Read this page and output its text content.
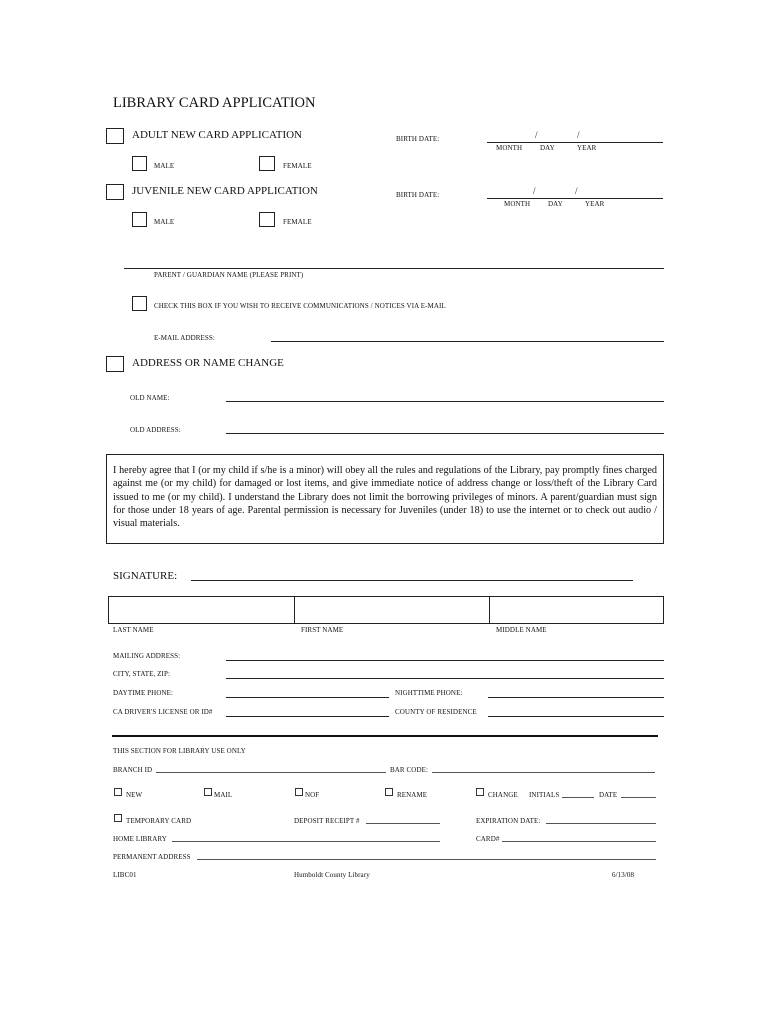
LIBRARY CARD APPLICATION
ADULT NEW CARD APPLICATION	BIRTH DATE:	/	/
MONTH	DAY	YEAR
MALE	FEMALE
JUVENILE NEW CARD APPLICATION	BIRTH DATE:	/	/
MONTH	DAY	YEAR
MALE	FEMALE
PARENT / GUARDIAN NAME (PLEASE PRINT)
CHECK THIS BOX IF YOU WISH TO RECEIVE COMMUNICATIONS / NOTICES VIA E-MAIL
E-MAIL ADDRESS:
ADDRESS OR NAME CHANGE
OLD NAME:
OLD ADDRESS:
I hereby agree that I (or my child if s/he is a minor) will obey all the rules and regulations of the Library, pay promptly fines charged against me (or my child) for damaged or lost items, and give immediate notice of address change or loss/theft of the Library Card issued to me (or my child). I understand the Library does not limit the borrowing privileges of minors. A parent/guardian must sign for those under 18 years of age. Parental permission is necessary for Juveniles (under 18) to use the internet or to check out audio / visual materials.
SIGNATURE:
LAST NAME	FIRST NAME	MIDDLE NAME
MAILING ADDRESS:
CITY, STATE, ZIP:
DAYTIME PHONE:	NIGHTTIME PHONE:
CA DRIVER'S LICENSE OR ID#	COUNTY OF RESIDENCE
THIS SECTION FOR LIBRARY USE ONLY
BRANCH ID	BAR CODE:
NEW	MAIL	NOF	RENAME	CHANGE INITIALS	DATE
TEMPORARY CARD	DEPOSIT RECEIPT #	EXPIRATION DATE:
HOME LIBRARY	CARD#
PERMANENT ADDRESS
LIBC01	Humboldt County Library	6/13/08
